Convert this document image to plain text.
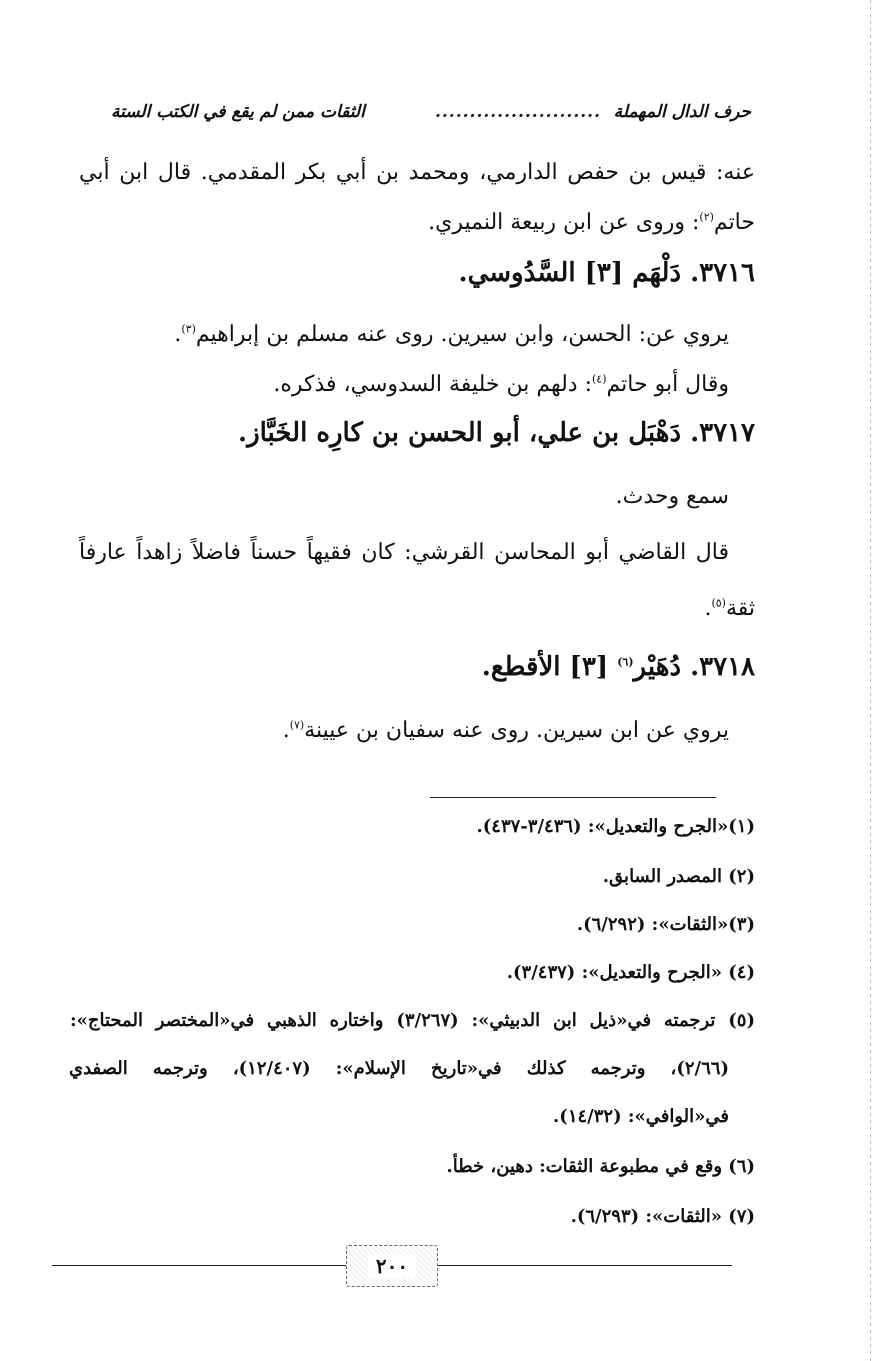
حرف الدال المهملة
........................
الثقات ممن لم يقع في الكتب الستة
عنه: قيس بن حفص الدارمي، ومحمد بن أبي بكر المقدمي. قال ابن أبي
حاتم$^{(٢)}$: وروى عن ابن ربيعة النميري.
٣٧١٦. دَلْهَم [٣] السَّدُوسي.
يروي عن: الحسن، وابن سيرين. روى عنه مسلم بن إبراهيم$^{(٣)}$.
وقال أبو حاتم$^{(٤)}$: دلهم بن خليفة السدوسي، فذكره.
٣٧١٧. دَهْبَل بن علي، أبو الحسن بن كارِه الخَبَّاز.
سمع وحدث.
قال القاضي أبو المحاسن القرشي: كان فقيهاً حسناً فاضلاً زاهداً عارفاً
ثقة$^{(٥)}$.
٣٧١٨. دُهَيْر$^{(٦)}$ [٣] الأقطع.
يروي عن ابن سيرين. روى عنه سفيان بن عيينة$^{(٧)}$.
(١)«الجرح والتعديل»: (٣/٤٣٦-٤٣٧).
(٢) المصدر السابق.
(٣)«الثقات»: (٦/٢٩٢).
(٤) «الجرح والتعديل»: (٣/٤٣٧).
(٥) ترجمته في«ذيل ابن الدبيثي»: (٣/٢٦٧) واختاره الذهبي في«المختصر المحتاج»:
(٢/٦٦)، وترجمه كذلك في«تاريخ الإسلام»: (١٢/٤٠٧)، وترجمه الصفدي
في«الوافي»: (١٤/٣٢).
(٦) وقع في مطبوعة الثقات: دهين، خطأ.
(٧) «الثقات»: (٦/٢٩٣).
٢٠٠
